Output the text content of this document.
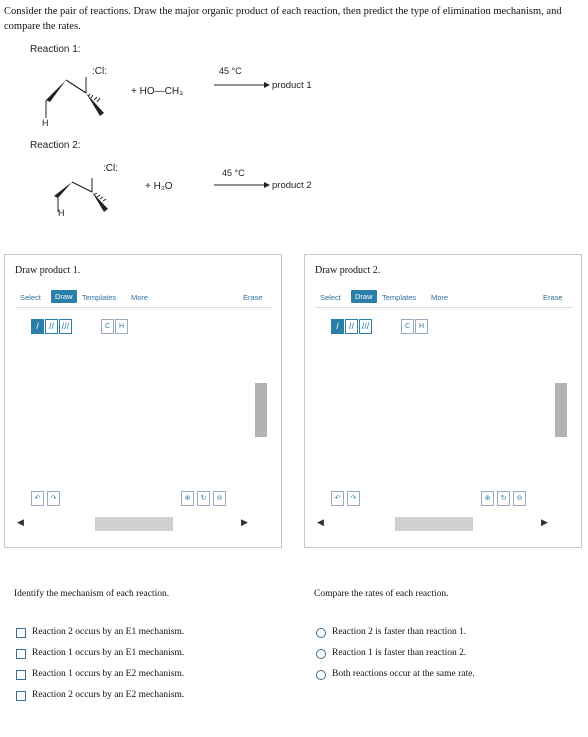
Consider the pair of reactions. Draw the major organic product of each reaction, then predict the type of elimination mechanism, and compare the rates.
Reaction 1:
:Cl:
H
+ HO—CH₃
45 °C
product 1
Reaction 2:
:Cl:
H
+ H₂O
45 °C
product 2
Draw product 1.
Select	Draw	Templates More	Erase
/	// ///	C	H
↶	↷	⊕	↻	⊖
◀	▶
Draw product 2.
Select	Draw	Templates More	Erase
/	// ///	C	H
↶	↷	⊕	↻	⊖
◀	▶
Identify the mechanism of each reaction.
Reaction 2 occurs by an E1 mechanism.
Reaction 1 occurs by an E1 mechanism.
Reaction 1 occurs by an E2 mechanism.
Reaction 2 occurs by an E2 mechanism.
Compare the rates of each reaction.
Reaction 2 is faster than reaction 1.
Reaction 1 is faster than reaction 2.
Both reactions occur at the same rate.
